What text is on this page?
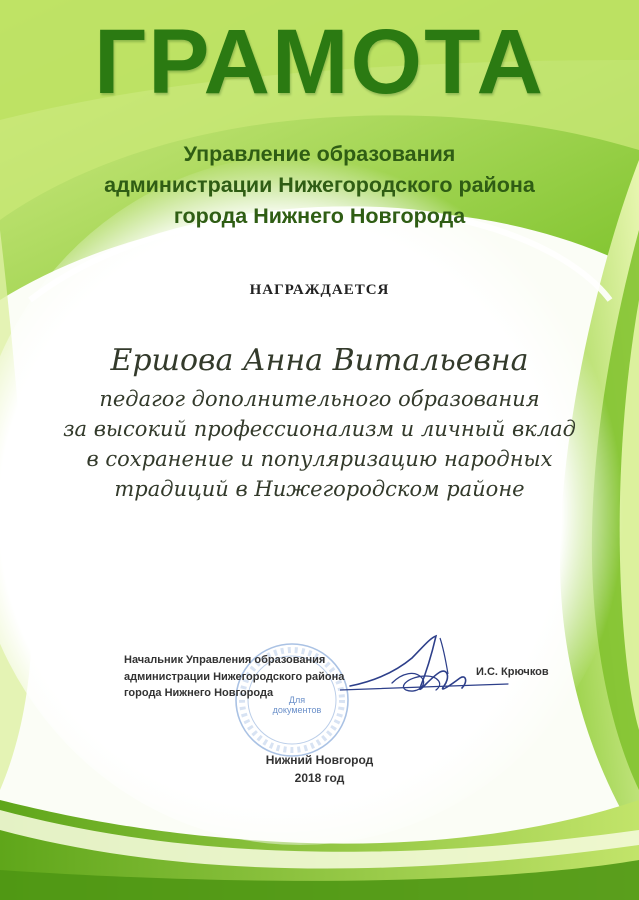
ГРАМОТА
Управление образования
администрации Нижегородского района
города Нижнего Новгорода

НАГРАЖДАЕТСЯ

Ершова Анна Витальевна

педагог дополнительного образования
за высокий профессионализм и личный вклад
в сохранение и популяризацию народных
традиций в Нижегородском районе
Для
документов
Начальник Управления образования
администрации Нижегородского района
города Нижнего Новгорода

И.С. Крючков

Нижний Новгород

2018 год
